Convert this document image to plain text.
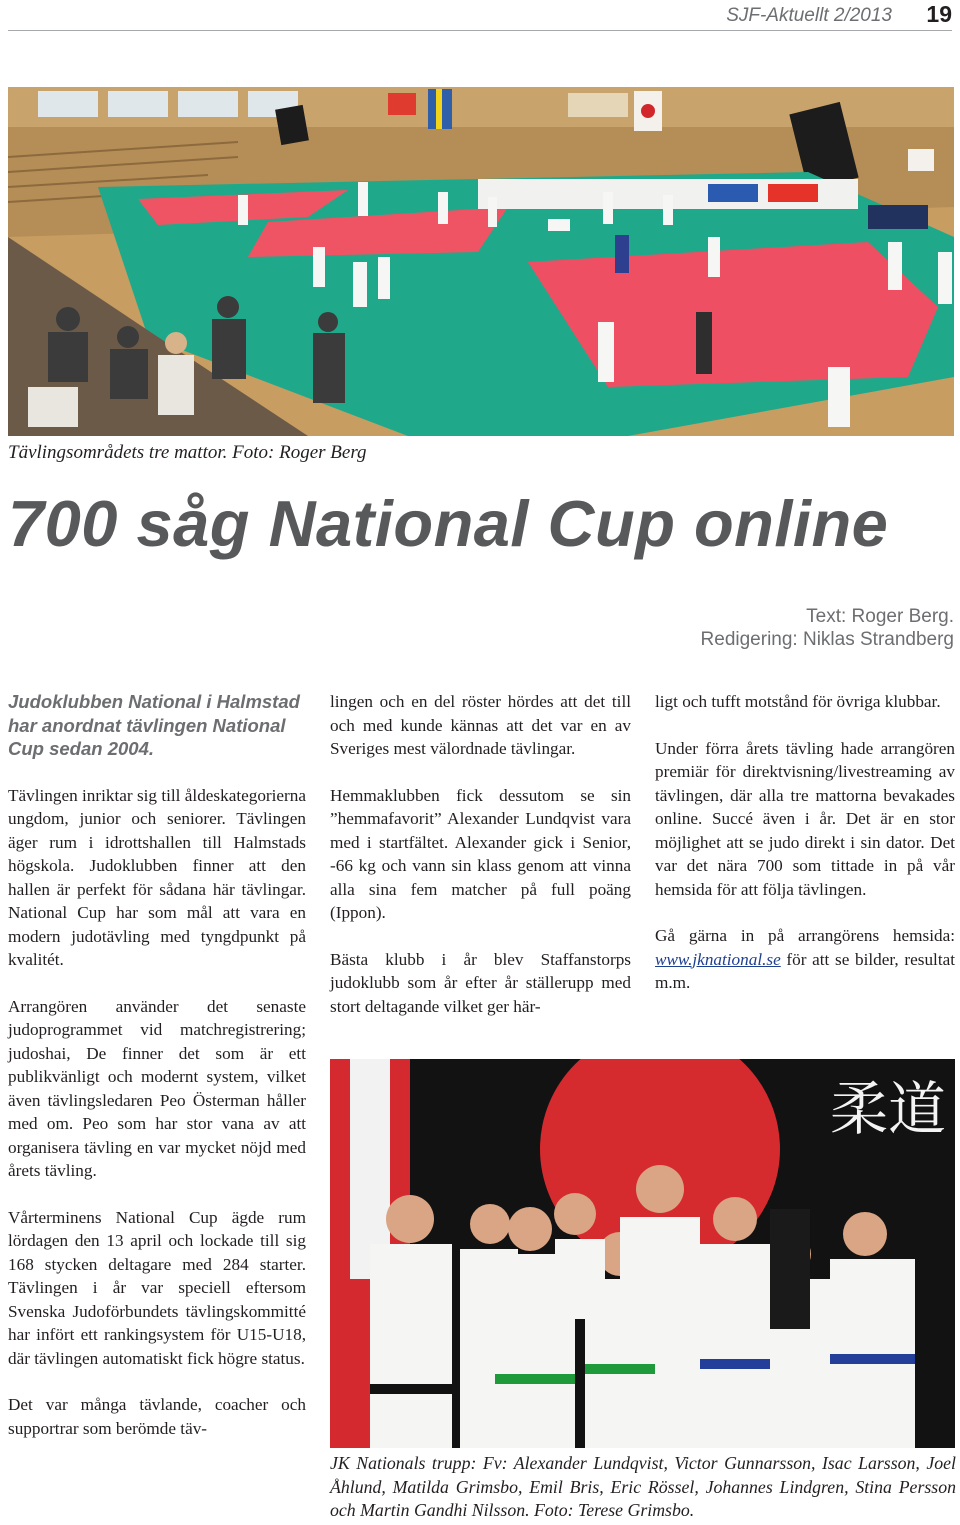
SJF-Aktuellt 2/2013 19
Tävlingsområdets tre mattor. Foto: Roger Berg
700 såg National Cup online
Text: Roger Berg.
Redigering: Niklas Strandberg

Judoklubben National i Halmstad har anordnat tävlingen National Cup sedan 2004.

Tävlingen inriktar sig till åldeskategorierna ungdom, junior och seniorer. Tävlingen äger rum i idrottshallen till Halmstads högskola. Judoklubben finner att den hallen är perfekt för sådana här tävlingar. National Cup har som mål att vara en modern judotävling med tyngdpunkt på kvalitét.

Arrangören använder det senaste judoprogrammet vid matchregistrering; judoshai, De finner det som är ett publikvänligt och modernt system, vilket även tävlingsledaren Peo Österman håller med om. Peo som har stor vana av att organisera tävling en var mycket nöjd med årets tävling.

Vårterminens National Cup ägde rum lördagen den 13 april och lockade till sig 168 stycken deltagare med 284 starter. Tävlingen i år var speciell eftersom Svenska Judoförbundets tävlingskommitté har infört ett rankingsystem för U15-U18, där tävlingen automatiskt fick högre status.

Det var många tävlande, coacher och supportrar som berömde täv-

lingen och en del röster hördes att det till och med kunde kännas att det var en av Sveriges mest välordnade tävlingar.

Hemmaklubben fick dessutom se sin ”hemmafavorit” Alexander Lundqvist vara med i startfältet. Alexander gick i Senior, -66 kg och vann sin klass genom att vinna alla sina fem matcher på full poäng (Ippon).

Bästa klubb i år blev Staffanstorps judoklubb som år efter år ställerupp med stort deltagande vilket ger här-

ligt och tufft motstånd för övriga klubbar.

Under förra årets tävling hade arrangören premiär för direktvisning/livestreaming av tävlingen, där alla tre mattorna bevakades online. Succé även i år. Det är en stor möjlighet att se judo direkt i sin dator. Det var det nära 700 som tittade in på vår hemsida för att följa tävlingen.

Gå gärna in på arrangörens hemsida: www.jknational.se för att se bilder, resultat m.m.

柔道
JK Nationals trupp: Fv: Alexander Lundqvist, Victor Gunnarsson, Isac Larsson, Joel Åhlund, Matilda Grimsbo, Emil Bris, Eric Rössel, Johannes Lindgren, Stina Persson och Martin Gandhi Nilsson. Foto: Terese Grimsbo.
